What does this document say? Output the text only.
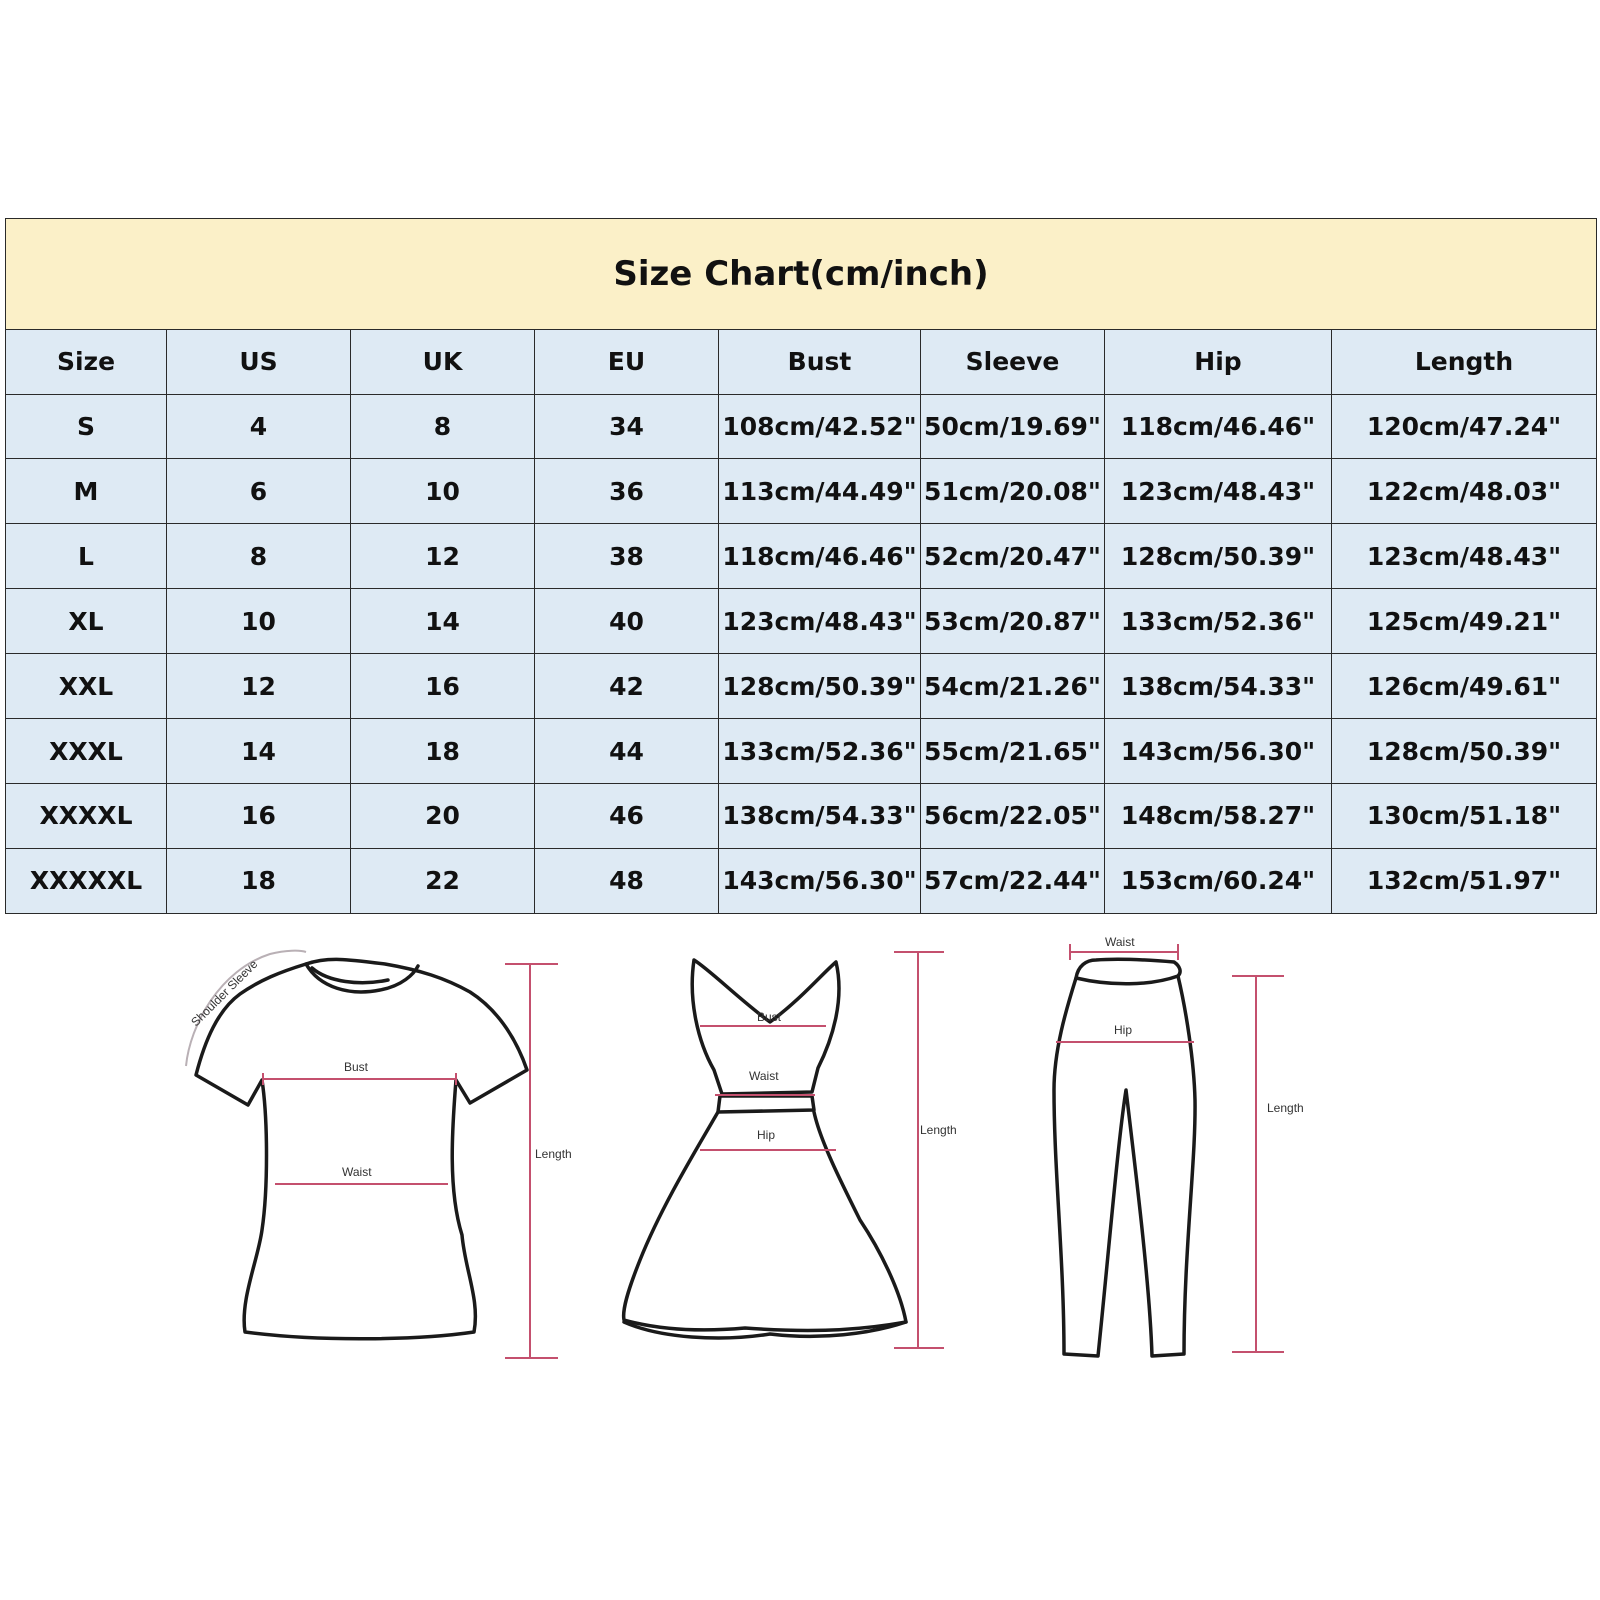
Size Chart(cm/inch)							
Size	US	UK	EU	Bust	Sleeve	Hip	Length
S	4	8	34	108cm/42.52"	50cm/19.69"	118cm/46.46"	120cm/47.24"
M	6	10	36	113cm/44.49"	51cm/20.08"	123cm/48.43"	122cm/48.03"
L	8	12	38	118cm/46.46"	52cm/20.47"	128cm/50.39"	123cm/48.43"
XL	10	14	40	123cm/48.43"	53cm/20.87"	133cm/52.36"	125cm/49.21"
XXL	12	16	42	128cm/50.39"	54cm/21.26"	138cm/54.33"	126cm/49.61"
XXXL	14	18	44	133cm/52.36"	55cm/21.65"	143cm/56.30"	128cm/50.39"
XXXXL	16	20	46	138cm/54.33"	56cm/22.05"	148cm/58.27"	130cm/51.18"
XXXXXL	18	22	48	143cm/56.30"	57cm/22.44"	153cm/60.24"	132cm/51.97"
Shoulder Sleeve
Bust
Waist
Length
Bust
Waist
Hip	Length
Waist
Hip
Length
